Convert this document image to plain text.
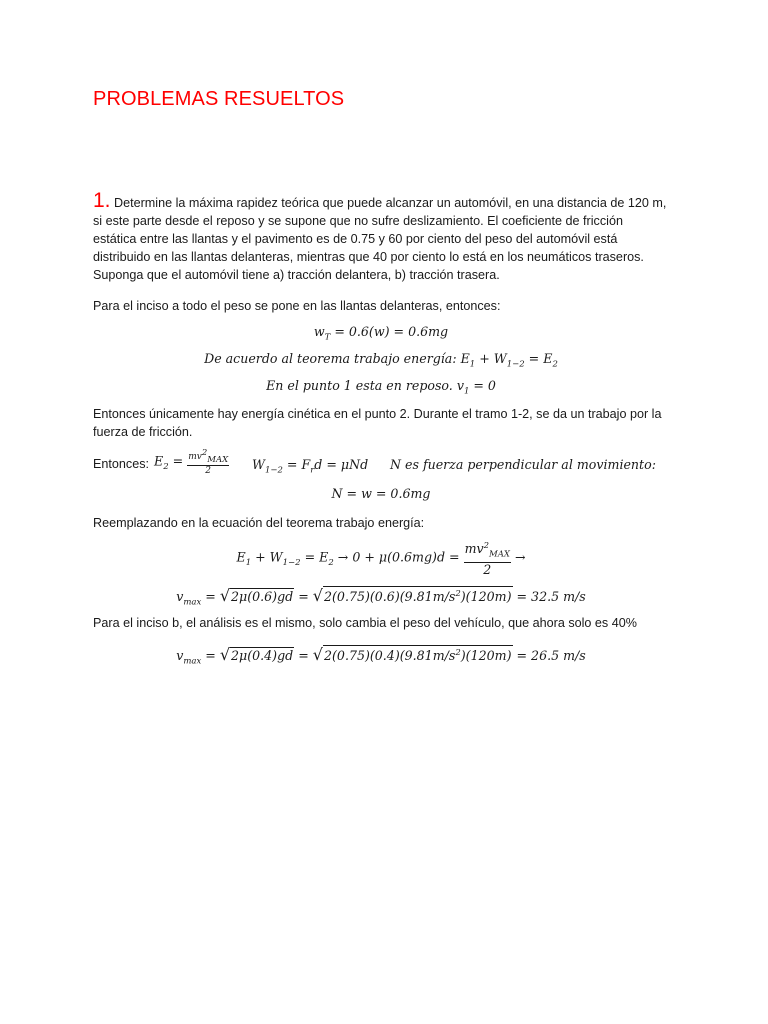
PROBLEMAS RESUELTOS
1. Determine la máxima rapidez teórica que puede alcanzar un automóvil, en una distancia de 120 m, si este parte desde el reposo y se supone que no sufre deslizamiento. El coeficiente de fricción estática entre las llantas y el pavimento es de 0.75 y 60 por ciento del peso del automóvil está distribuido en las llantas delanteras, mientras que 40 por ciento lo está en los neumáticos traseros. Suponga que el automóvil tiene a) tracción delantera, b) tracción trasera.
Para el inciso a todo el peso se pone en las llantas delanteras, entonces:
$w_T = 0.6(w) = 0.6mg$
De acuerdo al teorema trabajo energía: $E_1 + W_{1-2} = E_2$
En el punto 1 esta en reposo. $v_1 = 0$
Entonces únicamente hay energía cinética en el punto 2. Durante el tramo 1-2, se da un trabajo por la fuerza de fricción.
Entonces: $E_2 = \frac{mv^2_{MAX}}{2} W_{1-2} = F_rd = \mu Nd$ N es fuerza perpendicular al movimiento:
N = w = 0.6mg
Reemplazando en la ecuación del teorema trabajo energía:
$E_1 + W_{1-2} = E_2 \to 0 + \mu(0.6mg)d = \frac{mv^2_{MAX}}{2}$ →
$v_{max} = √2\mu(0.6)gd = √2(0.75)(0.6)(9.81m/s^2)(120m) = 32.5$ m/s
Para el inciso b, el análisis es el mismo, solo cambia el peso del vehículo, que ahora solo es 40%
$v_{max} = √2\mu(0.4)gd = √2(0.75)(0.4)(9.81m/s^2)(120m) = 26.5$ m/s
